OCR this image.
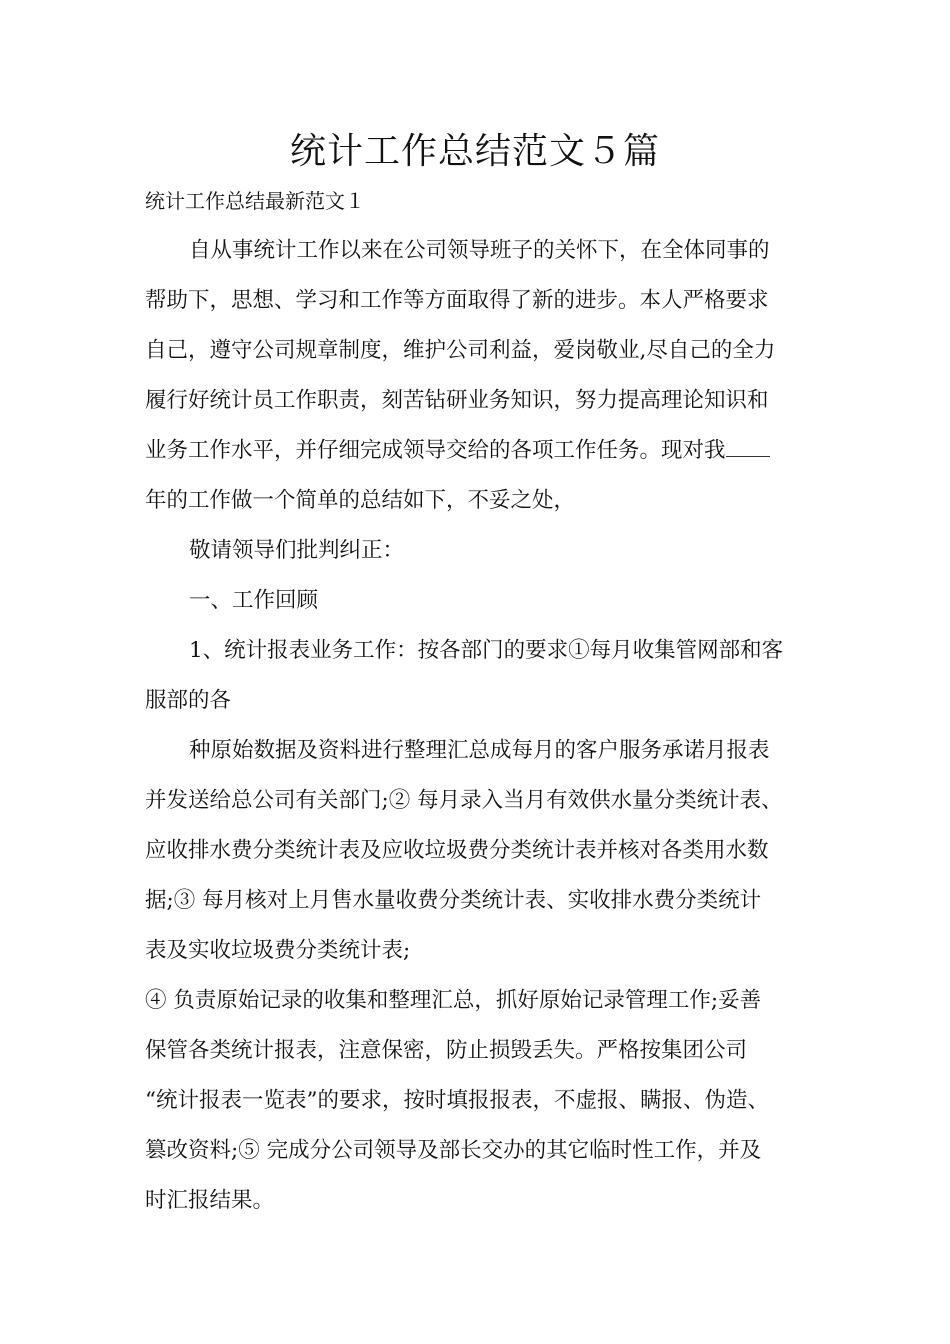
统计工作总结范文５篇
统计工作总结最新范文１
自从事统计工作以来在公司领导班子的关怀下，在全体同事的
帮助下，思想、学习和工作等方面取得了新的进步。本人严格要求
自己，遵守公司规章制度，维护公司利益，爱岗敬业,尽自己的全力
履行好统计员工作职责，刻苦钻研业务知识，努力提高理论知识和
业务工作水平，并仔细完成领导交给的各项工作任务。现对我
年的工作做一个简单的总结如下，不妥之处，
敬请领导们批判纠正：
一、工作回顾
1、统计报表业务工作：按各部门的要求①每月收集管网部和客
服部的各
种原始数据及资料进行整理汇总成每月的客户服务承诺月报表
并发送给总公司有关部门;② 每月录入当月有效供水量分类统计表、
应收排水费分类统计表及应收垃圾费分类统计表并核对各类用水数
据;③ 每月核对上月售水量收费分类统计表、实收排水费分类统计
表及实收垃圾费分类统计表;
④ 负责原始记录的收集和整理汇总，抓好原始记录管理工作;妥善
保管各类统计报表，注意保密，防止损毁丢失。严格按集团公司
“统计报表一览表”的要求，按时填报报表，不虚报、瞒报、伪造、
篡改资料;⑤ 完成分公司领导及部长交办的其它临时性工作，并及
时汇报结果。
